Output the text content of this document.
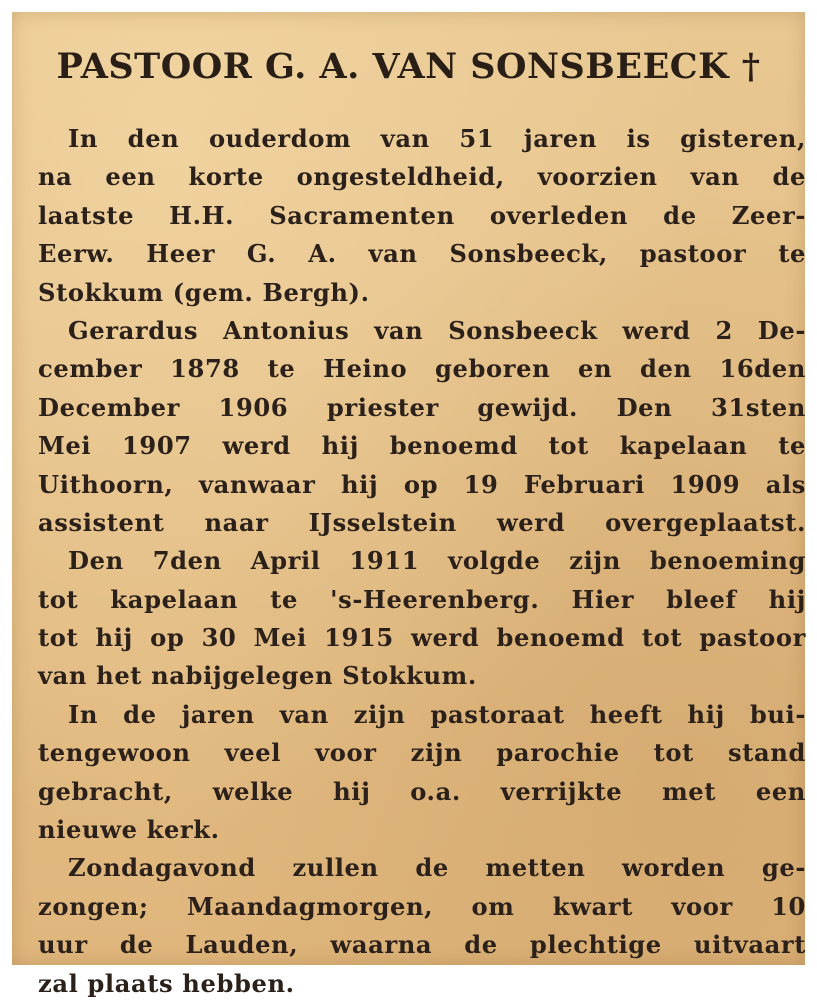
PASTOOR G. A. VAN SONSBEECK †
In den ouderdom van 51 jaren is gisteren,
na een korte ongesteldheid, voorzien van de
laatste H.H. Sacramenten overleden de Zeer-
Eerw. Heer G. A. van Sonsbeeck, pastoor te
Stokkum (gem. Bergh).
Gerardus Antonius van Sonsbeeck werd 2 De-
cember 1878 te Heino geboren en den 16den
December 1906 priester gewijd. Den 31sten
Mei 1907 werd hij benoemd tot kapelaan te
Uithoorn, vanwaar hij op 19 Februari 1909 als
assistent naar IJsselstein werd overgeplaatst.
Den 7den April 1911 volgde zijn benoeming
tot kapelaan te 's-Heerenberg. Hier bleef hij
tot hij op 30 Mei 1915 werd benoemd tot pastoor
van het nabijgelegen Stokkum.
In de jaren van zijn pastoraat heeft hij bui-
tengewoon veel voor zijn parochie tot stand
gebracht, welke hij o.a. verrijkte met een
nieuwe kerk.
Zondagavond zullen de metten worden ge-
zongen; Maandagmorgen, om kwart voor 10
uur de Lauden, waarna de plechtige uitvaart
zal plaats hebben.
